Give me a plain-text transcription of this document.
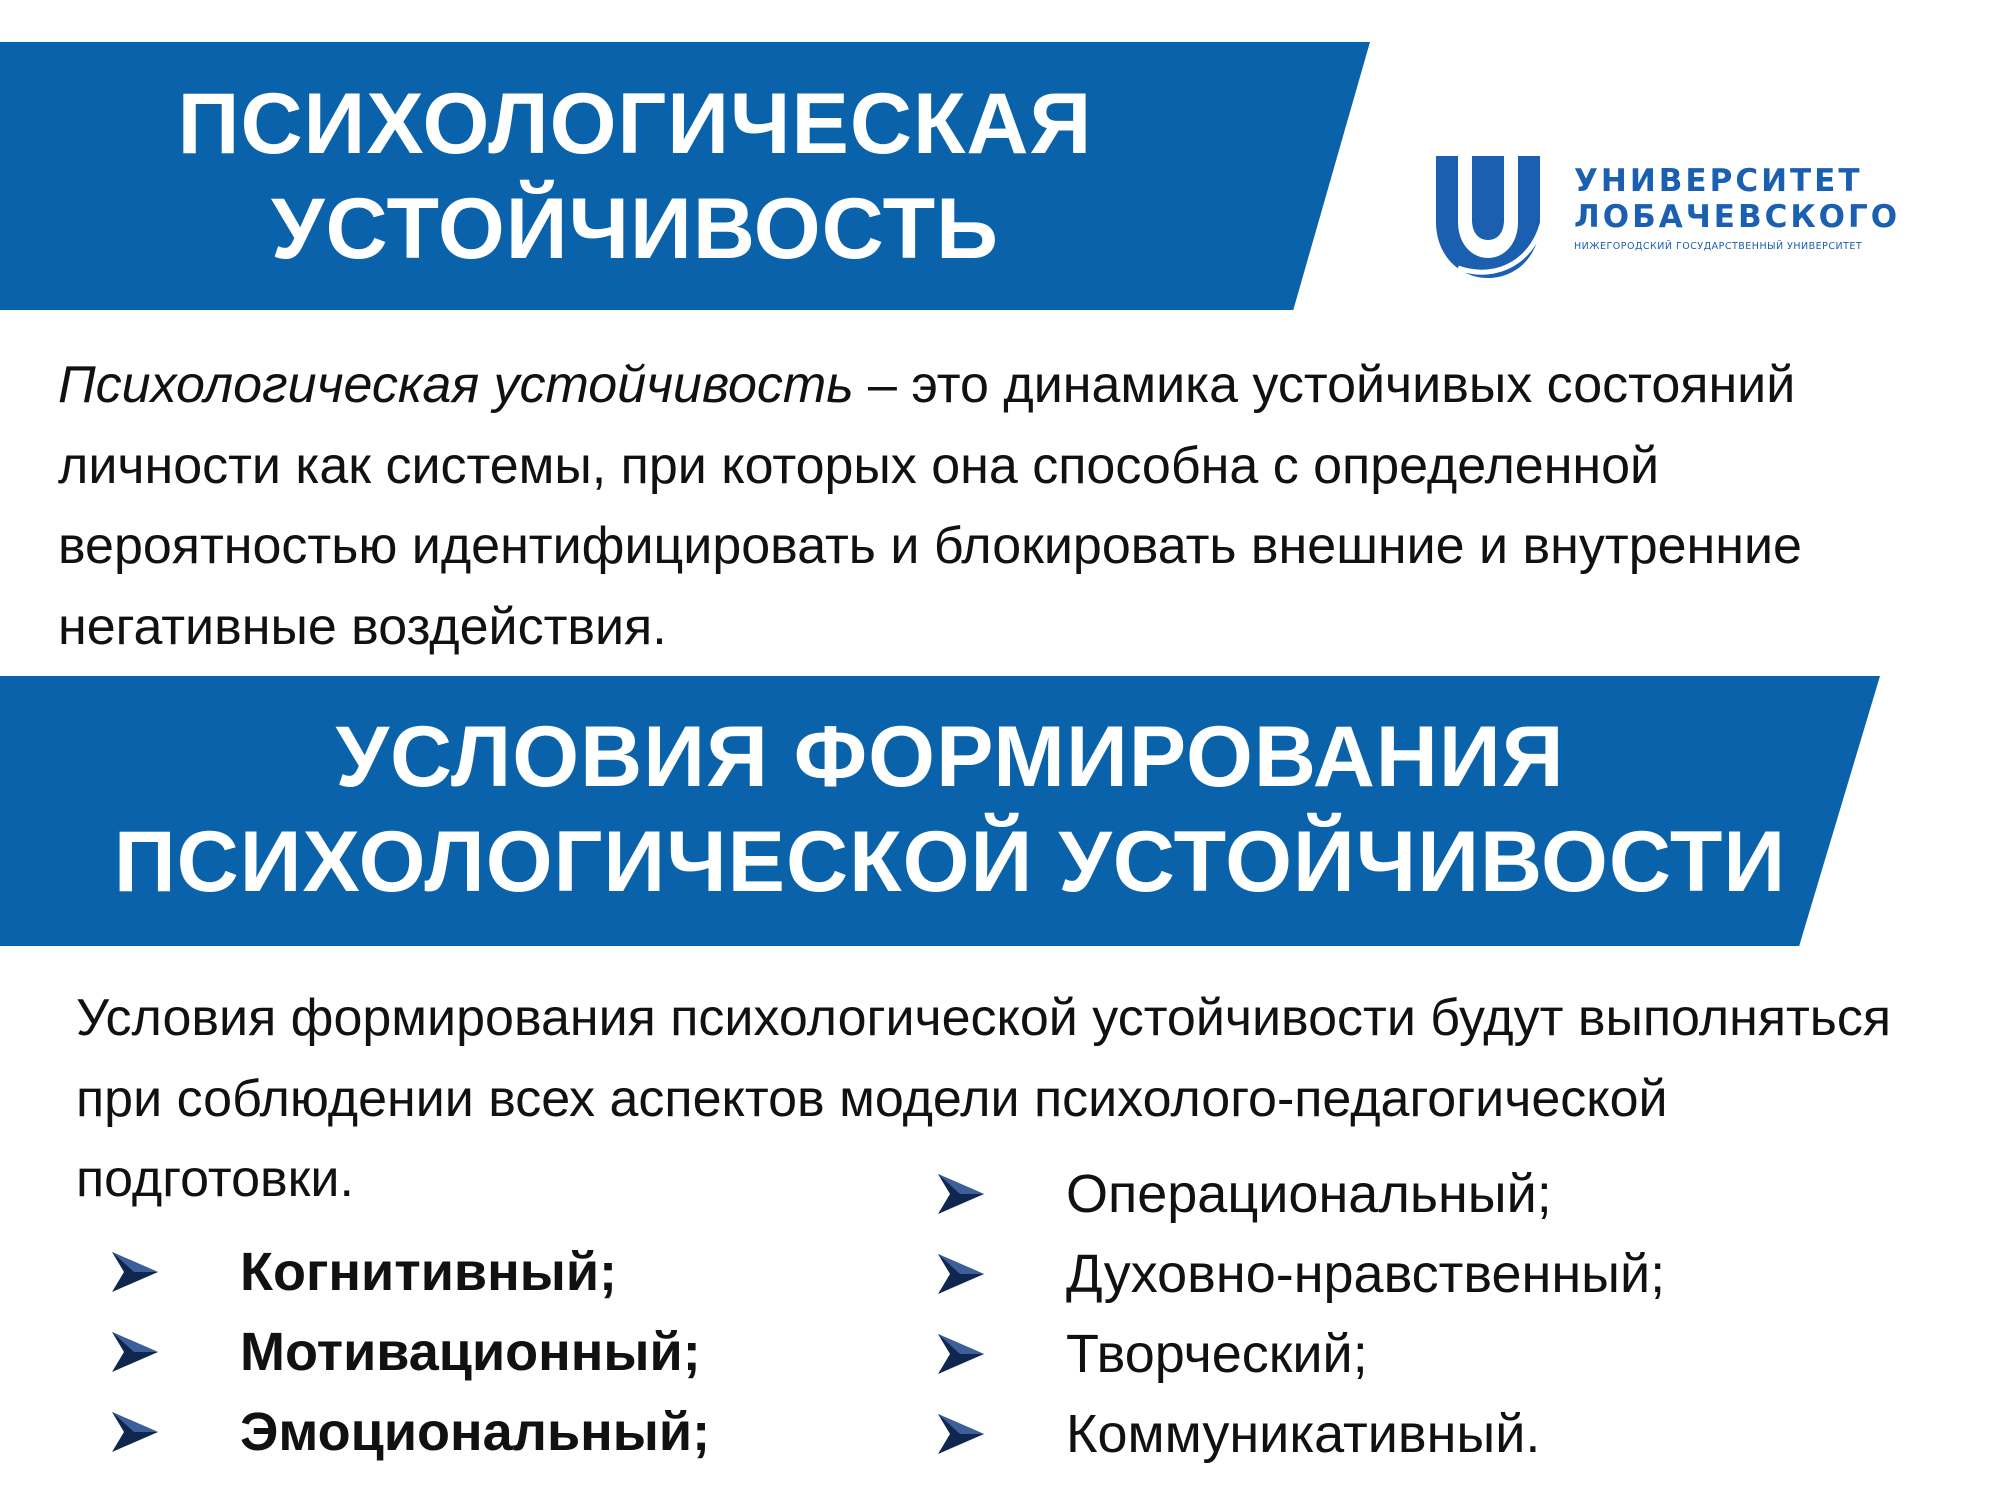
ПСИХОЛОГИЧЕСКАЯ
УСТОЙЧИВОСТЬ	УНИВЕРСИТЕТ
ЛОБАЧЕВСКОГО
НИЖЕГОРОДСКИЙ ГОСУДАРСТВЕННЫЙ УНИВЕРСИТЕТ

Психологическая устойчивость – это динамика устойчивых состояний личности как системы, при которых она способна с определенной вероятностью идентифицировать и блокировать внешние и внутренние негативные воздействия.

УСЛОВИЯ ФОРМИРОВАНИЯ
ПСИХОЛОГИЧЕСКОЙ УСТОЙЧИВОСТИ

Условия формирования психологической устойчивости будут выполняться при соблюдении всех аспектов модели психолого-педагогической подготовки.

Когнитивный;
Мотивационный;
Эмоциональный;
Операциональный;
Духовно-нравственный;
Творческий;
Коммуникативный.
